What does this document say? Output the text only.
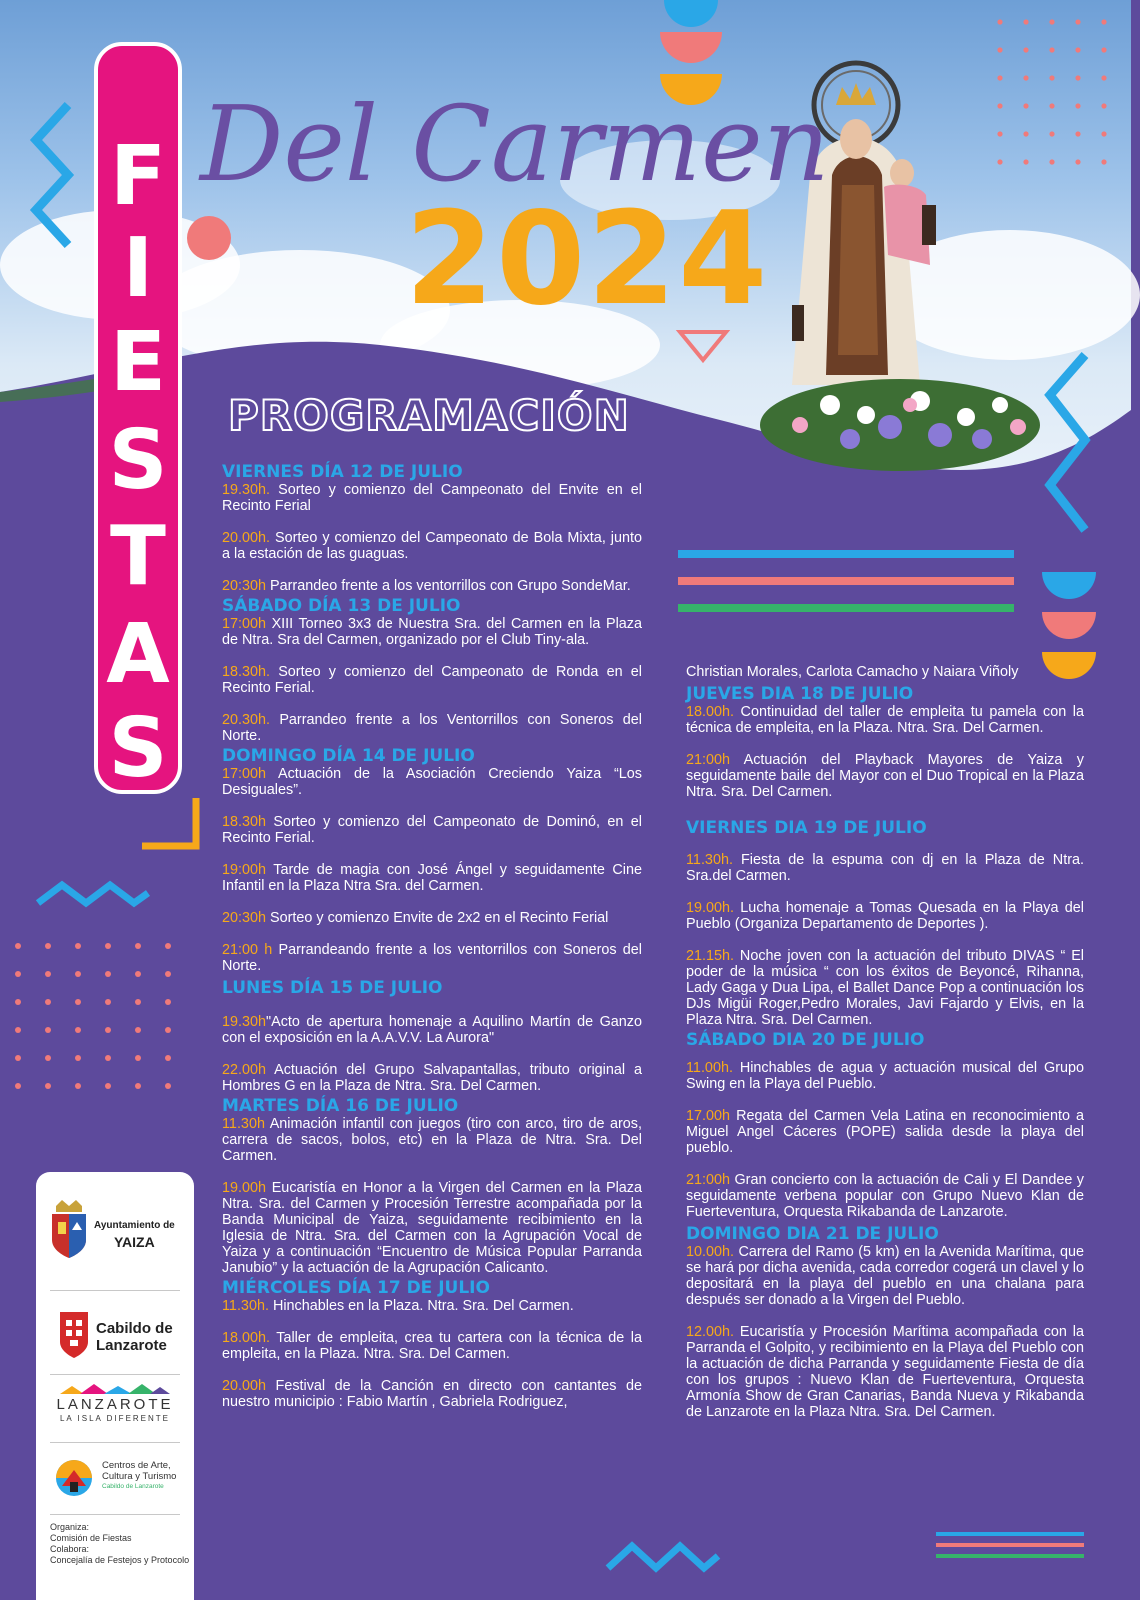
F
I
E
S
T
A
S
Del Carmen
2024
PROGRAMACIÓN
VIERNES DÍA 12 DE JULIO

19.30h. Sorteo y comienzo del Campeonato del Envite en el Recinto Ferial

20.00h. Sorteo y comienzo del Campeonato de Bola Mixta, junto a la estación de las guaguas.

20:30h Parrandeo frente a los ventorrillos con Grupo SondeMar.

SÁBADO DÍA 13 DE JULIO

17:00h XIII Torneo 3x3 de Nuestra Sra. del Carmen en la Plaza de Ntra. Sra del Carmen, organizado por el Club Tiny-ala.

18.30h. Sorteo y comienzo del Campeonato de Ronda en el Recinto Ferial.

20.30h. Parrandeo frente a los Ventorrillos con Soneros del Norte.

DOMINGO DÍA 14 DE JULIO

17:00h Actuación de la Asociación Creciendo Yaiza “Los Desiguales”.

18.30h Sorteo y comienzo del Campeonato de Dominó, en el Recinto Ferial.

19:00h Tarde de magia con José Ángel y seguidamente Cine Infantil en la Plaza Ntra Sra. del Carmen.

20:30h Sorteo y comienzo Envite de 2x2 en el Recinto Ferial

21:00 h Parrandeando frente a los ventorrillos con Soneros del Norte.

LUNES DÍA 15 DE JULIO

19.30h"Acto de apertura homenaje a Aquilino Martín de Ganzo con el exposición en la A.A.V.V. La Aurora"

22.00h Actuación del Grupo Salvapantallas, tributo original a Hombres G en la Plaza de Ntra. Sra. Del Carmen.

MARTES DÍA 16 DE JULIO

11.30h Animación infantil con juegos (tiro con arco, tiro de aros, carrera de sacos, bolos, etc) en la Plaza de Ntra. Sra. Del Carmen.

19.00h Eucaristía en Honor a la Virgen del Carmen en la Plaza Ntra. Sra. del Carmen y Procesión Terrestre acompañada por la Banda Municipal de Yaiza, seguidamente recibimiento en la Iglesia de Ntra. Sra. del Carmen con la Agrupación Vocal de Yaiza y a continuación “Encuentro de Música Popular Parranda Janubio” y la actuación de la Agrupación Calicanto.

MIÉRCOLES DÍA 17 DE JULIO

11.30h. Hinchables en la Plaza. Ntra. Sra. Del Carmen.

18.00h. Taller de empleita, crea tu cartera con la técnica de la empleita, en la Plaza. Ntra. Sra. Del Carmen.

20.00h Festival de la Canción en directo con cantantes de nuestro municipio : Fabio Martín , Gabriela Rodriguez,

Christian Morales, Carlota Camacho y Naiara Viñoly

JUEVES DIA 18 DE JULIO

18.00h. Continuidad del taller de empleita tu pamela con la técnica de empleita, en la Plaza. Ntra. Sra. Del Carmen.

21:00h Actuación del Playback Mayores de Yaiza y seguidamente baile del Mayor con el Duo Tropical en la Plaza Ntra. Sra. Del Carmen.

VIERNES DIA 19 DE JULIO

11.30h. Fiesta de la espuma con dj en la Plaza de Ntra. Sra.del Carmen.

19.00h. Lucha homenaje a Tomas Quesada en la Playa del Pueblo (Organiza Departamento de Deportes ).

21.15h. Noche joven con la actuación del tributo DIVAS “ El poder de la música “ con los éxitos de Beyoncé, Rihanna, Lady Gaga y Dua Lipa, el Ballet Dance Pop a continuación los DJs Migüi Roger,Pedro Morales, Javi Fajardo y Elvis, en la Plaza Ntra. Sra. Del Carmen.

SÁBADO DIA 20 DE JULIO

11.00h. Hinchables de agua y actuación musical del Grupo Swing en la Playa del Pueblo.

17.00h Regata del Carmen Vela Latina en reconocimiento a Miguel Angel Cáceres (POPE) salida desde la playa del pueblo.

21:00h Gran concierto con la actuación de Cali y El Dandee y seguidamente verbena popular con Grupo Nuevo Klan de Fuerteventura, Orquesta Rikabanda de Lanzarote.

DOMINGO DIA 21 DE JULIO

10.00h. Carrera del Ramo (5 km) en la Avenida Marítima, que se hará por dicha avenida, cada corredor cogerá un clavel y lo depositará en la playa del pueblo en una chalana para después ser donado a la Virgen del Pueblo.

12.00h. Eucaristía y Procesión Marítima acompañada con la Parranda el Golpito, y recibimiento en la Playa del Pueblo con la actuación de dicha Parranda y seguidamente Fiesta de día con los grupos : Nuevo Klan de Fuerteventura, Orquesta Armonía Show de Gran Canarias, Banda Nueva y Rikabanda de Lanzarote en la Plaza Ntra. Sra. Del Carmen.

Ayuntamiento de
YAIZA
Cabildo de
Lanzarote
LANZAROTE
LA ISLA DIFERENTE
Centros de Arte,
Cultura y Turismo
Cabildo de Lanzarote
Organiza:
Comisión de Fiestas
Colabora:
Concejalía de Festejos y Protocolo
